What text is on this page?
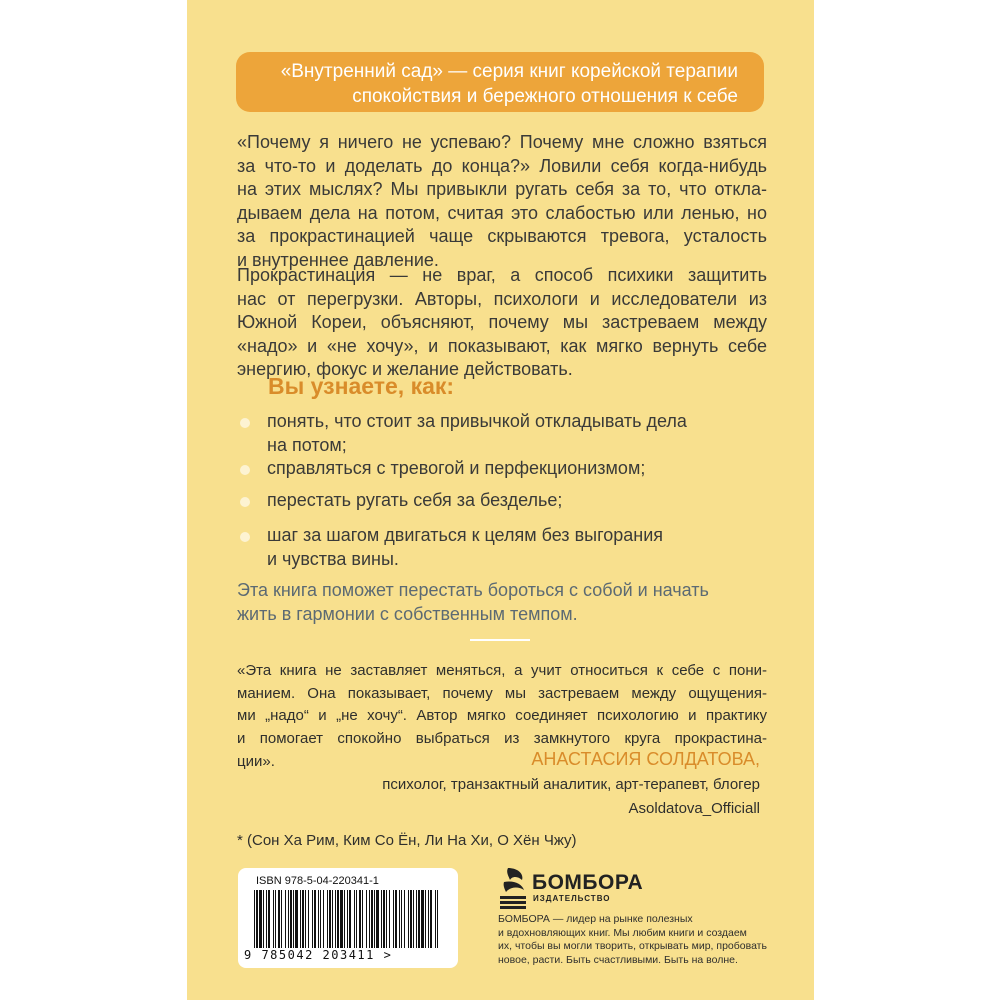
«Внутренний сад» — серия книг корейской терапии
спокойствия и бережного отношения к себе
«Почему я ничего не успеваю? Почему мне сложно взяться
за что-то и доделать до конца?» Ловили себя когда-нибудь
на этих мыслях? Мы привыкли ругать себя за то, что откла-
дываем дела на потом, считая это слабостью или ленью, но
за прокрастинацией чаще скрываются тревога, усталость
и внутреннее давление.
Прокрастинация — не враг, а способ психики защитить
нас от перегрузки. Авторы, психологи и исследователи из
Южной Кореи, объясняют, почему мы застреваем между
«надо» и «не хочу», и показывают, как мягко вернуть себе
энергию, фокус и желание действовать.
Вы узнаете, как:
понять, что стоит за привычкой откладывать дела
на потом;
справляться с тревогой и перфекционизмом;
перестать ругать себя за безделье;
шаг за шагом двигаться к целям без выгорания
и чувства вины.
Эта книга поможет перестать бороться с собой и начать
жить в гармонии с собственным темпом.
«Эта книга не заставляет меняться, а учит относиться к себе с пони-
манием. Она показывает, почему мы застреваем между ощущения-
ми „надо“ и „не хочу“. Автор мягко соединяет психологию и практику
и помогает спокойно выбраться из замкнутого круга прокрастина-
ции».	АНАСТАСИЯ СОЛДАТОВА,
психолог, транзактный аналитик, арт-терапевт, блогер
Asoldatova_Officiall
* (Сон Ха Рим, Ким Со Ён, Ли На Хи, О Хён Чжу)
ISBN 978-5-04-220341-1
9 785042 203411 >
БОМБОРА
ИЗДАТЕЛЬСТВО
БОМБОРА — лидер на рынке полезных
и вдохновляющих книг. Мы любим книги и создаем
их, чтобы вы могли творить, открывать мир, пробовать
новое, расти. Быть счастливыми. Быть на волне.
